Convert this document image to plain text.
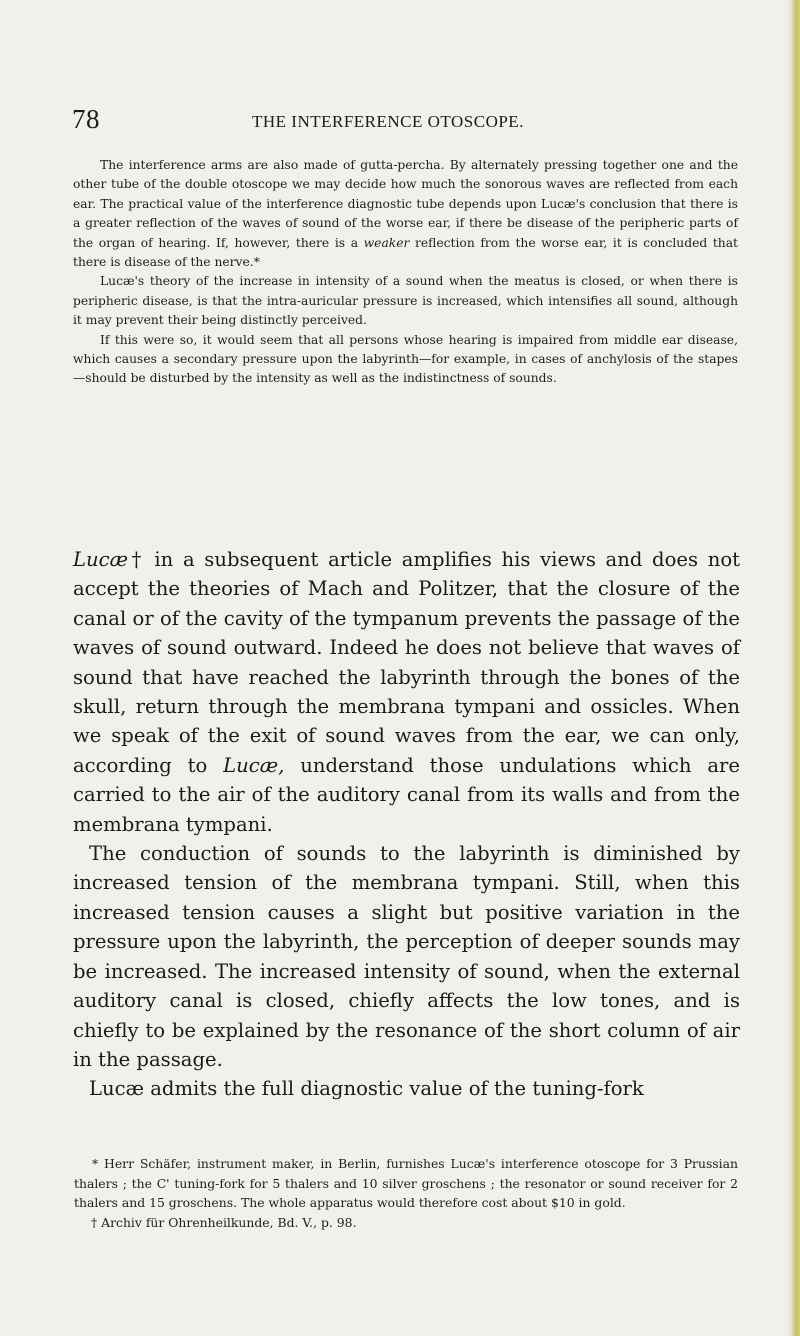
78	THE INTERFERENCE OTOSCOPE.

The interference arms are also made of gutta-percha. By alternately pressing together one and the other tube of the double otoscope we may decide how much the sonorous waves are reflected from each ear. The practical value of the interference diagnostic tube depends upon Lucæ's conclusion that there is a greater reflection of the waves of sound of the worse ear, if there be disease of the peripheric parts of the organ of hearing. If, however, there is a weaker reflection from the worse ear, it is concluded that there is disease of the nerve.*

Lucæ's theory of the increase in intensity of a sound when the meatus is closed, or when there is peripheric disease, is that the intra-auricular pressure is increased, which intensifies all sound, although it may prevent their being distinctly perceived.

If this were so, it would seem that all persons whose hearing is impaired from middle ear disease, which causes a secondary pressure upon the labyrinth—for example, in cases of anchylosis of the stapes—should be disturbed by the intensity as well as the indistinctness of sounds.

Lucæ† in a subsequent article amplifies his views and does not accept the theories of Mach and Politzer, that the closure of the canal or of the cavity of the tympanum prevents the passage of the waves of sound outward. Indeed he does not believe that waves of sound that have reached the labyrinth through the bones of the skull, return through the membrana tympani and ossicles. When we speak of the exit of sound waves from the ear, we can only, according to Lucæ, understand those undulations which are carried to the air of the auditory canal from its walls and from the membrana tympani.

The conduction of sounds to the labyrinth is diminished by increased tension of the membrana tympani. Still, when this increased tension causes a slight but positive variation in the pressure upon the labyrinth, the perception of deeper sounds may be increased. The increased intensity of sound, when the external auditory canal is closed, chiefly affects the low tones, and is chiefly to be explained by the resonance of the short column of air in the passage.

Lucæ admits the full diagnostic value of the tuning-fork

* Herr Schäfer, instrument maker, in Berlin, furnishes Lucæ's interference otoscope for 3 Prussian thalers ; the C' tuning-fork for 5 thalers and 10 silver groschens ; the resonator or sound receiver for 2 thalers and 15 groschens. The whole apparatus would therefore cost about $10 in gold.

† Archiv für Ohrenheilkunde, Bd. V., p. 98.
